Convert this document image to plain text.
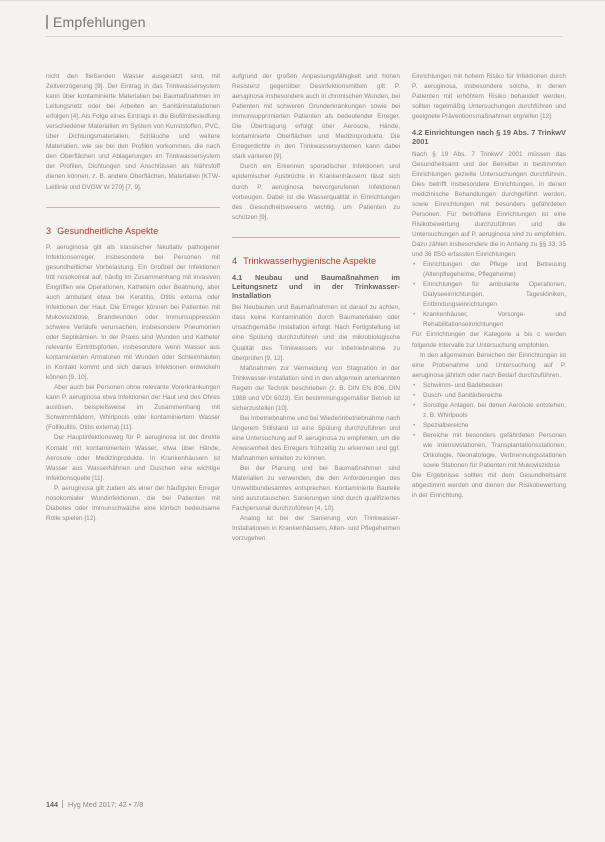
Empfehlungen

nicht den fließenden Wasser ausgesetzt sind, mit Zeitverzögerung [9]. Der Eintrag in das Trinkwassersystem kann über kontaminierte Materialien bei Baumaßnahmen im Leitungsnetz oder bei Arbeiten an Sanitärinstallationen erfolgen [4]. Als Folge eines Eintrags in die Biofilmbesiedlung verschiedener Materialien im System von Kunststoffen, PVC, über Dichtungsmaterialien, Schläuche und weitere Materialien, wie sie bei den Profilen vorkommen, die nach den Oberflächen und Ablagerungen im Trinkwassersystem der Profilen, Dichtungen und Anschlüssen als Nährstoff dienen können, z. B. andere Oberflächen, Materialien [KTW-Leitlinie und DVGW W 270] [7, 9].

3 Gesundheitliche Aspekte

P. aeruginosa gilt als klassischer fakultativ pathogener Infektionserreger, insbesondere bei Personen mit gesundheitlicher Vorbelastung. Ein Großteil der Infektionen tritt nosokomial auf, häufig im Zusammenhang mit invasiven Eingriffen wie Operationen, Kathetern oder Beatmung, aber auch ambulant etwa bei Keratitis, Otitis externa oder Infektionen der Haut. Die Erreger können bei Patienten mit Mukoviszidose, Brandwunden oder Immunsuppression schwere Verläufe verursachen, insbesondere Pneumonien oder Septikämien. In der Praxis sind Wunden und Katheter relevante Eintrittspforten, insbesondere wenn Wasser aus kontaminierten Armaturen mit Wunden oder Schleimhäuten in Kontakt kommt und sich daraus Infektionen entwickeln können [9, 10].

Aber auch bei Personen ohne relevante Vorerkrankungen kann P. aeruginosa etwa Infektionen der Haut und des Ohres auslösen, beispielsweise im Zusammenhang mit Schwimmbädern, Whirlpools oder kontaminiertem Wasser (Follikulitis, Otitis externa) [11].

Der Hauptinfektionsweg für P. aeruginosa ist der direkte Kontakt mit kontaminiertem Wasser, etwa über Hände, Aerosole oder Medizinprodukte. In Krankenhäusern ist Wasser aus Wasserhähnen und Duschen eine wichtige Infektionsquelle [11].

P. aeruginosa gilt zudem als einer der häufigsten Erreger nosokomialer Wundinfektionen, die bei Patienten mit Diabetes oder Immunschwäche eine klinisch bedeutsame Rolle spielen [12].

aufgrund der großen Anpassungsfähigkeit und hohen Resistenz gegenüber Desinfektionsmitteln gilt P. aeruginosa insbesondere auch in chronischen Wunden, bei Patienten mit schweren Grunderkrankungen sowie bei immunsupprimierten Patienten als bedeutender Erreger. Die Übertragung erfolgt über Aerosole, Hände, kontaminierte Oberflächen und Medizinprodukte. Die Erregerdichte in den Trinkwassersystemen kann dabei stark variieren [9].

Durch ein Erkennen sporadischer Infektionen und epidemischer Ausbrüche in Krankenhäusern lässt sich durch P. aeruginosa hervorgerufenen Infektionen vorbeugen. Dabei ist die Wasserqualität in Einrichtungen des Gesundheitswesens wichtig, um Patienten zu schützen [9].

4 Trinkwasserhygienische Aspekte
4.1 Neubau und Baumaßnahmen im Leitungsnetz und in der Trinkwasser-Installation

Bei Neubauten und Baumaßnahmen ist darauf zu achten, dass keine Kontamination durch Baumaterialien oder unsachgemäße Installation erfolgt. Nach Fertigstellung ist eine Spülung durchzuführen und die mikrobiologische Qualität des Trinkwassers vor Inbetriebnahme zu überprüfen [9, 12].

Maßnahmen zur Vermeidung von Stagnation in der Trinkwasser-Installation sind in den allgemein anerkannten Regeln der Technik beschrieben (z. B. DIN EN 806, DIN 1988 und VDI 6023). Ein bestimmungsgemäßer Betrieb ist sicherzustellen [10].

Bei Inbetriebnahme und bei Wiederinbetriebnahme nach längerem Stillstand ist eine Spülung durchzuführen und eine Untersuchung auf P. aeruginosa zu empfehlen, um die Anwesenheit des Erregers frühzeitig zu erkennen und ggf. Maßnahmen einleiten zu können.

Bei der Planung und bei Baumaßnahmen sind Materialien zu verwenden, die den Anforderungen des Umweltbundesamtes entsprechen. Kontaminierte Bauteile sind auszutauschen. Sanierungen sind durch qualifiziertes Fachpersonal durchzuführen [4, 10].

Analog ist bei der Sanierung von Trinkwasser-Installationen in Krankenhäusern, Alten- und Pflegeheimen vorzugehen.

Einrichtungen mit hohem Risiko für Infektionen durch P. aeruginosa, insbesondere solche, in denen Patienten mit erhöhtem Risiko behandelt werden, sollten regelmäßig Untersuchungen durchführen und geeignete Präventionsmaßnahmen ergreifen [12].

4.2 Einrichtungen nach § 19 Abs. 7 TrinkwV 2001

Nach § 19 Abs. 7 TrinkwV 2001 müssen das Gesundheitsamt und der Betreiber in bestimmten Einrichtungen gezielte Untersuchungen durchführen. Dies betrifft insbesondere Einrichtungen, in denen medizinische Behandlungen durchgeführt werden, sowie Einrichtungen mit besonders gefährdeten Personen. Für betroffene Einrichtungen ist eine Risikobewertung durchzuführen und die Untersuchungen auf P. aeruginosa sind zu empfehlen. Dazu zählen insbesondere die in Anhang zu §§ 33, 35 und 36 IfSG erfassten Einrichtungen:

• Einrichtungen der Pflege und Betreuung (Altenpflegeheime, Pflegeheime)
• Einrichtungen für ambulante Operationen, Dialyseeinrichtungen, Tageskliniken, Entbindungseinrichtungen
• Krankenhäuser, Vorsorge- und Rehabilitationseinrichtungen

Für Einrichtungen der Kategorie a bis c werden folgende Intervalle zur Untersuchung empfohlen.

In den allgemeinen Bereichen der Einrichtungen ist eine Probenahme und Untersuchung auf P. aeruginosa jährlich oder nach Bedarf durchzuführen.

• Schwimm- und Badebecken
• Dusch- und Sanitärbereiche
• Sonstige Anlagen, bei denen Aerosole entstehen, z. B. Whirlpools
• Spezialbereiche
• Bereiche mit besonders gefährdeten Personen wie Intensivstationen, Transplantationsstationen, Onkologie, Neonatologie, Verbrennungsstationen sowie Stationen für Patienten mit Mukoviszidose

Die Ergebnisse sollten mit dem Gesundheitsamt abgestimmt werden und dienen der Risikobewertung in der Einrichtung.

144 Hyg Med 2017; 42 • 7/8
